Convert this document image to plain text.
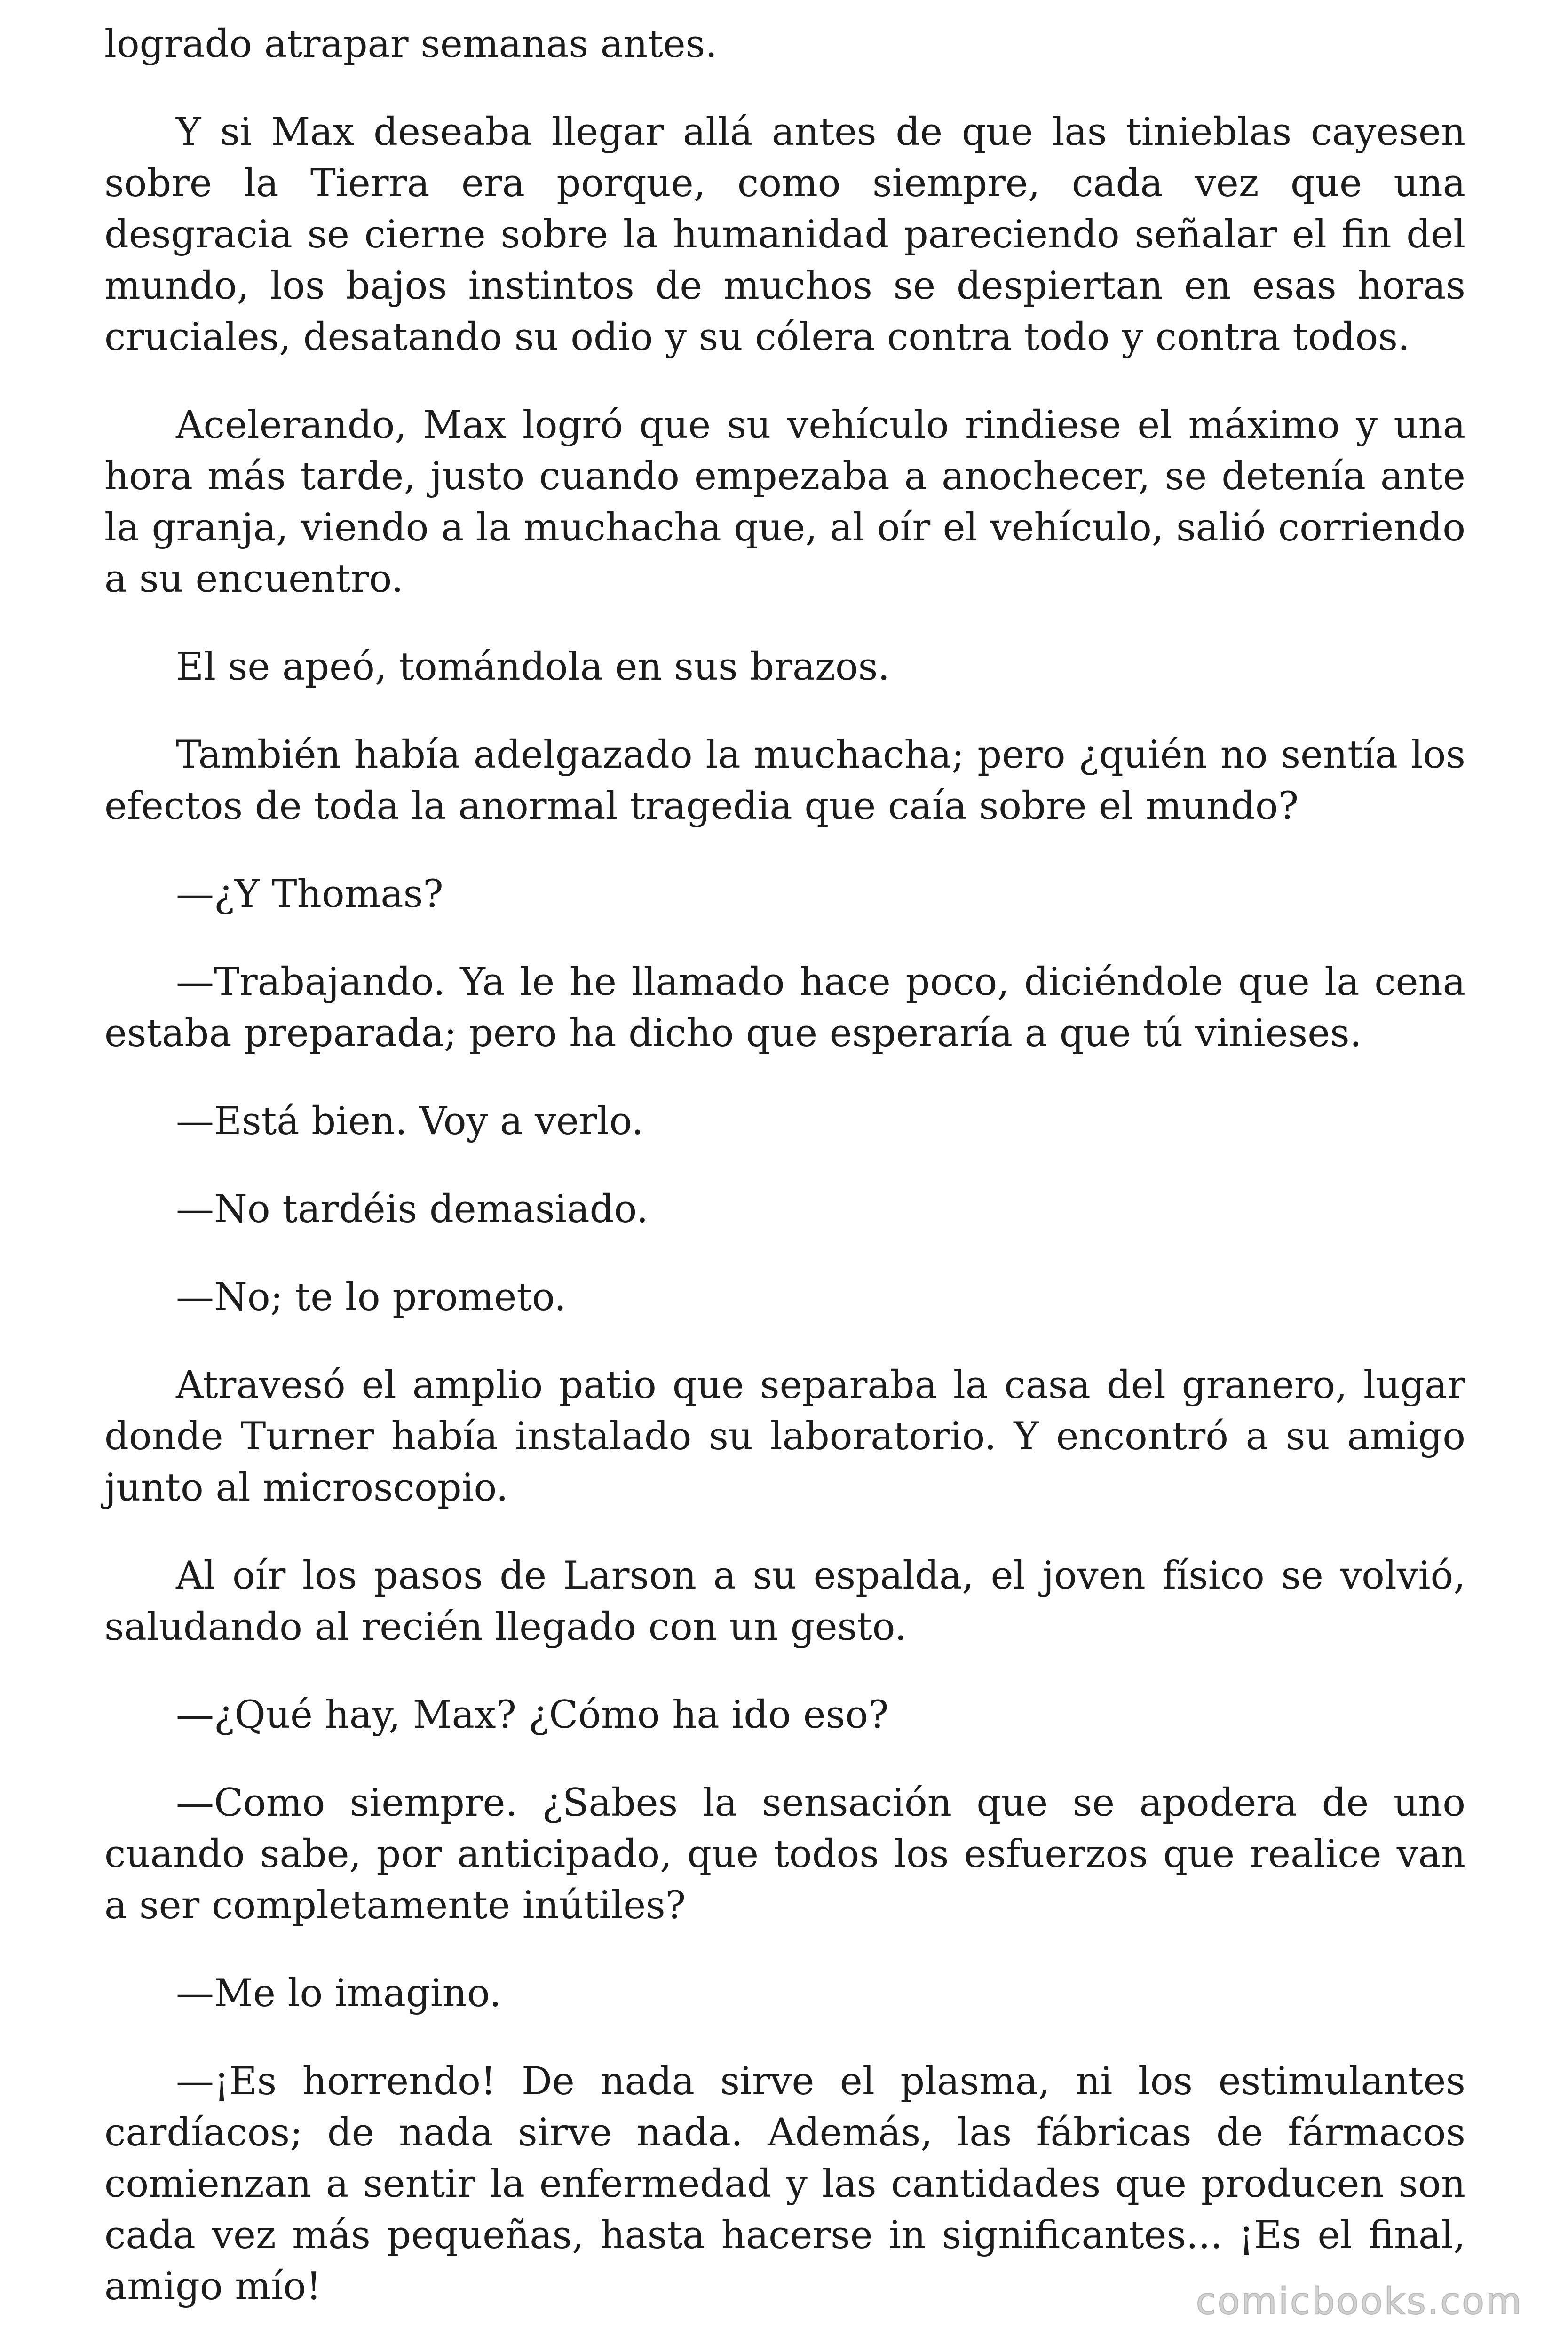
logrado atrapar semanas antes.

Y si Max deseaba llegar allá antes de que las tinieblas cayesen sobre la Tierra era porque, como siempre, cada vez que una desgracia se cierne sobre la humanidad pareciendo señalar el fin del mundo, los bajos instintos de muchos se despiertan en esas horas cruciales, desatando su odio y su cólera contra todo y contra todos.

Acelerando, Max logró que su vehículo rindiese el máximo y una hora más tarde, justo cuando empezaba a anochecer, se detenía ante la granja, viendo a la muchacha que, al oír el vehículo, salió corriendo a su encuentro.

El se apeó, tomándola en sus brazos.

También había adelgazado la muchacha; pero ¿quién no sentía los efectos de toda la anormal tragedia que caía sobre el mundo?

—¿Y Thomas?

—Trabajando. Ya le he llamado hace poco, diciéndole que la cena estaba preparada; pero ha dicho que esperaría a que tú vinieses.

—Está bien. Voy a verlo.

—No tardéis demasiado.

—No; te lo prometo.

Atravesó el amplio patio que separaba la casa del granero, lugar donde Turner había instalado su laboratorio. Y encontró a su amigo junto al microscopio.

Al oír los pasos de Larson a su espalda, el joven físico se volvió, saludando al recién llegado con un gesto.

—¿Qué hay, Max? ¿Cómo ha ido eso?

—Como siempre. ¿Sabes la sensación que se apodera de uno cuando sabe, por anticipado, que todos los esfuerzos que realice van a ser completamente inútiles?

—Me lo imagino.

—¡Es horrendo! De nada sirve el plasma, ni los estimulantes cardíacos; de nada sirve nada. Además, las fábricas de fármacos comienzan a sentir la enfermedad y las cantidades que producen son cada vez más pequeñas, hasta hacerse in significantes... ¡Es el final, amigo mío!	comicbooks.com
